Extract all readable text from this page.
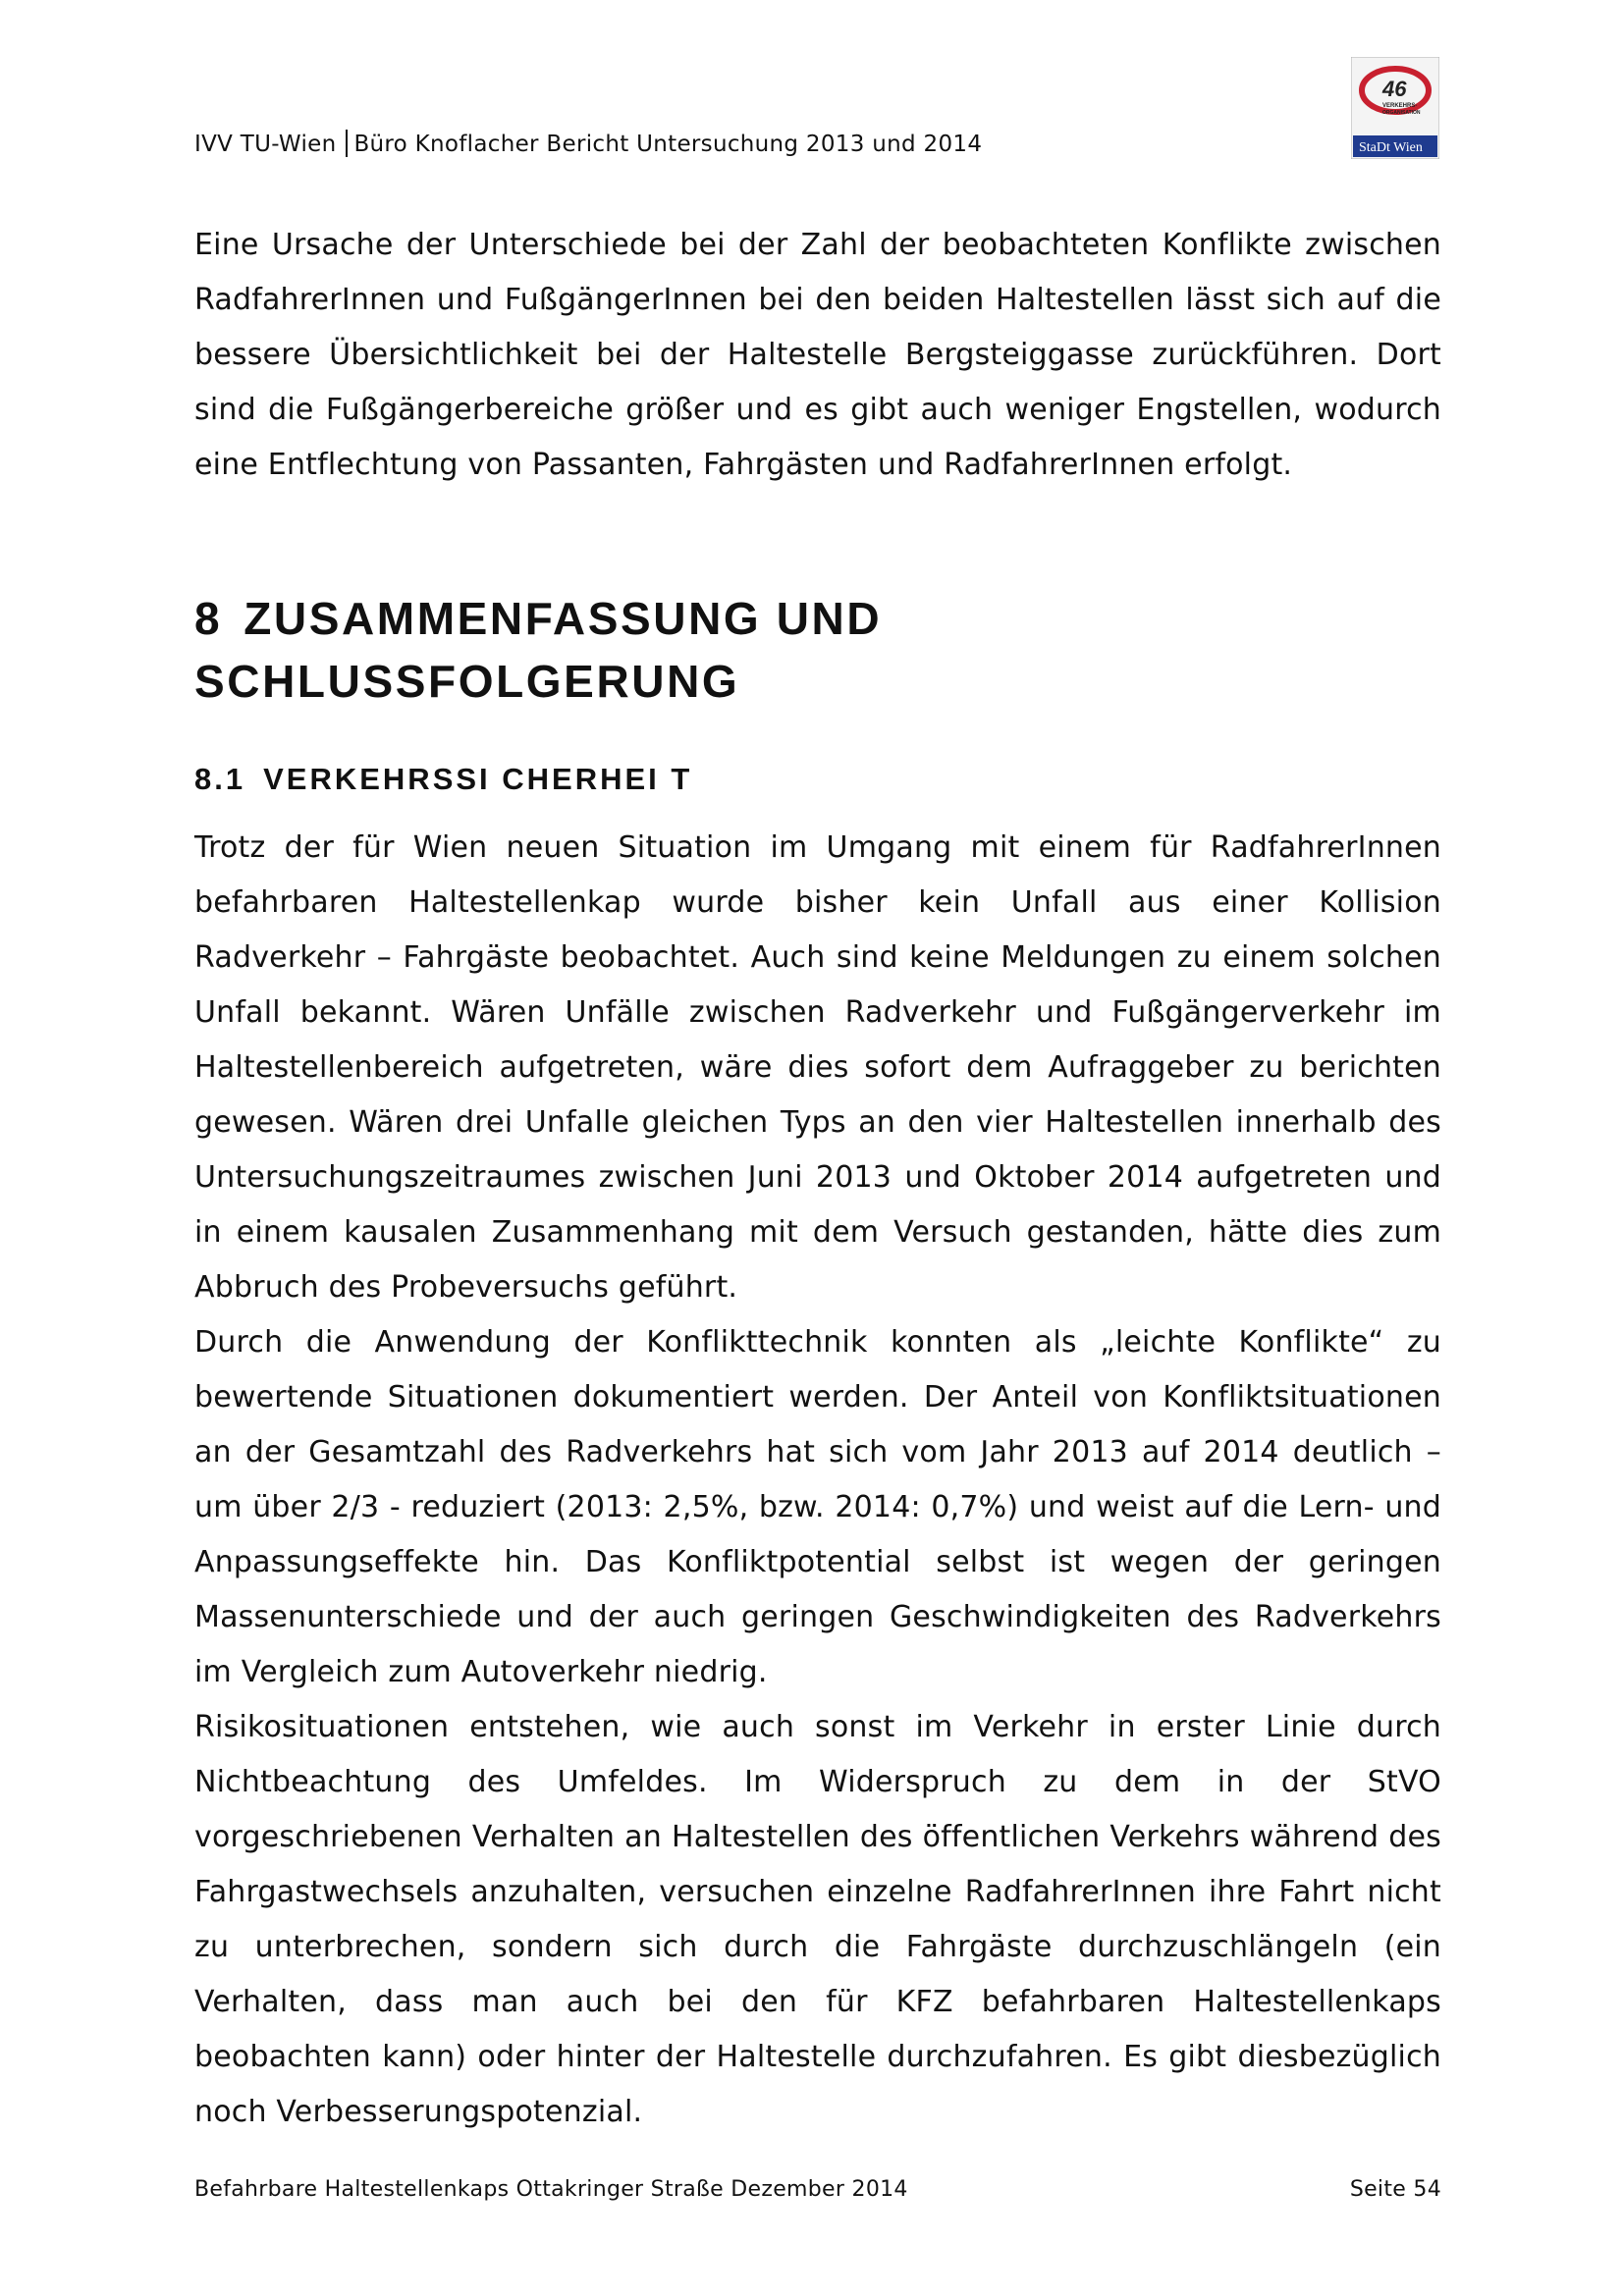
IVV TU-Wien Büro Knoflacher Bericht Untersuchung 2013 und 2014
46
VERKEHRS-
ORGANISATION
StaDt Wien

Eine Ursache der Unterschiede bei der Zahl der beobachteten Konflikte zwischen RadfahrerInnen und FußgängerInnen bei den beiden Haltestellen lässt sich auf die bessere Übersichtlichkeit bei der Haltestelle Bergsteiggasse zurückführen. Dort sind die Fußgängerbereiche größer und es gibt auch weniger Engstellen, wodurch eine Entflechtung von Passanten, Fahrgästen und RadfahrerInnen erfolgt.

8 ZUSAMMENFASSUNG UND SCHLUSSFOLGERUNG
8.1 VERKEHRSSI CHERHEI T

Trotz der für Wien neuen Situation im Umgang mit einem für RadfahrerInnen befahrbaren Haltestellenkap wurde bisher kein Unfall aus einer Kollision Radverkehr – Fahrgäste beobachtet. Auch sind keine Meldungen zu einem solchen Unfall bekannt. Wären Unfälle zwischen Radverkehr und Fußgängerverkehr im Haltestellenbereich aufgetreten, wäre dies sofort dem Aufraggeber zu berichten gewesen. Wären drei Unfalle gleichen Typs an den vier Haltestellen innerhalb des Untersuchungszeitraumes zwischen Juni 2013 und Oktober 2014 aufgetreten und in einem kausalen Zusammenhang mit dem Versuch gestanden, hätte dies zum Abbruch des Probeversuchs geführt.

Durch die Anwendung der Konflikttechnik konnten als „leichte Konflikte“ zu bewertende Situationen dokumentiert werden. Der Anteil von Konfliktsituationen an der Gesamtzahl des Radverkehrs hat sich vom Jahr 2013 auf 2014 deutlich – um über 2/3 - reduziert (2013: 2,5%, bzw. 2014: 0,7%) und weist auf die Lern- und Anpassungseffekte hin. Das Konfliktpotential selbst ist wegen der geringen Massenunterschiede und der auch geringen Geschwindigkeiten des Radverkehrs im Vergleich zum Autoverkehr niedrig.

Risikosituationen entstehen, wie auch sonst im Verkehr in erster Linie durch Nichtbeachtung des Umfeldes. Im Widerspruch zu dem in der StVO vorgeschriebenen Verhalten an Haltestellen des öffentlichen Verkehrs während des Fahrgastwechsels anzuhalten, versuchen einzelne RadfahrerInnen ihre Fahrt nicht zu unterbrechen, sondern sich durch die Fahrgäste durchzuschlängeln (ein Verhalten, dass man auch bei den für KFZ befahrbaren Haltestellenkaps beobachten kann) oder hinter der Haltestelle durchzufahren. Es gibt diesbezüglich noch Verbesserungspotenzial.

Befahrbare Haltestellenkaps Ottakringer Straße Dezember 2014	Seite 54
